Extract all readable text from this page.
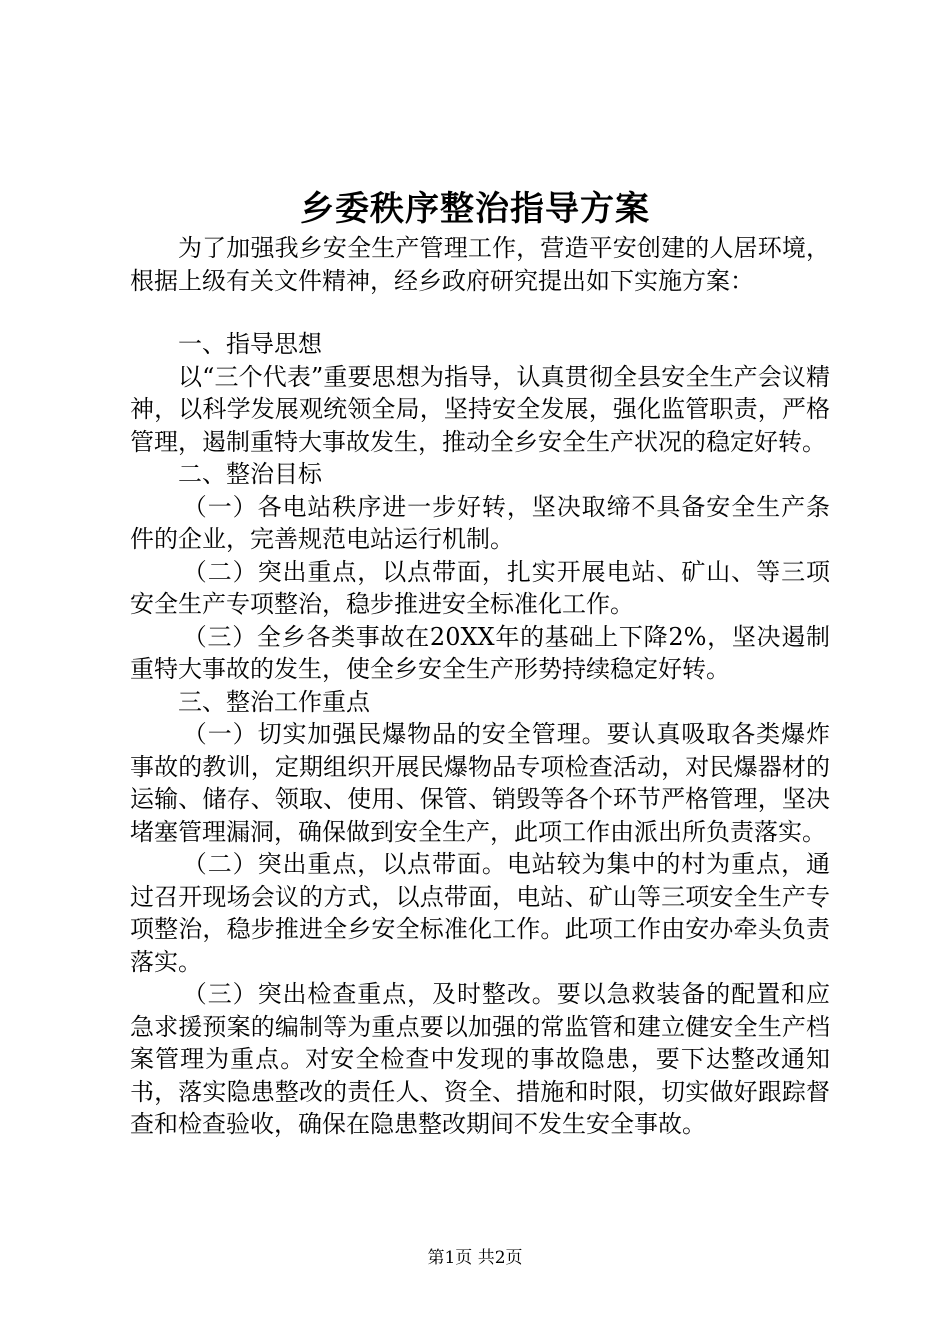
乡委秩序整治指导方案

为了加强我乡安全生产管理工作，营造平安创建的人居环境，根据上级有关文件精神，经乡政府研究提出如下实施方案：

一、指导思想

以“三个代表”重要思想为指导，认真贯彻全县安全生产会议精神，以科学发展观统领全局，坚持安全发展，强化监管职责，严格管理，遏制重特大事故发生，推动全乡安全生产状况的稳定好转。

二、整治目标

（一）各电站秩序进一步好转，坚决取缔不具备安全生产条件的企业，完善规范电站运行机制。

（二）突出重点，以点带面，扎实开展电站、矿山、等三项安全生产专项整治，稳步推进安全标准化工作。

（三）全乡各类事故在20XX年的基础上下降2%，坚决遏制重特大事故的发生，使全乡安全生产形势持续稳定好转。

三、整治工作重点

（一）切实加强民爆物品的安全管理。要认真吸取各类爆炸事故的教训，定期组织开展民爆物品专项检查活动，对民爆器材的运输、储存、领取、使用、保管、销毁等各个环节严格管理，坚决堵塞管理漏洞，确保做到安全生产，此项工作由派出所负责落实。

（二）突出重点，以点带面。电站较为集中的村为重点，通过召开现场会议的方式，以点带面，电站、矿山等三项安全生产专项整治，稳步推进全乡安全标准化工作。此项工作由安办牵头负责落实。

（三）突出检查重点，及时整改。要以急救装备的配置和应急求援预案的编制等为重点要以加强的常监管和建立健安全生产档案管理为重点。对安全检查中发现的事故隐患，要下达整改通知书，落实隐患整改的责任人、资全、措施和时限，切实做好跟踪督查和检查验收，确保在隐患整改期间不发生安全事故。

第1页 共2页
